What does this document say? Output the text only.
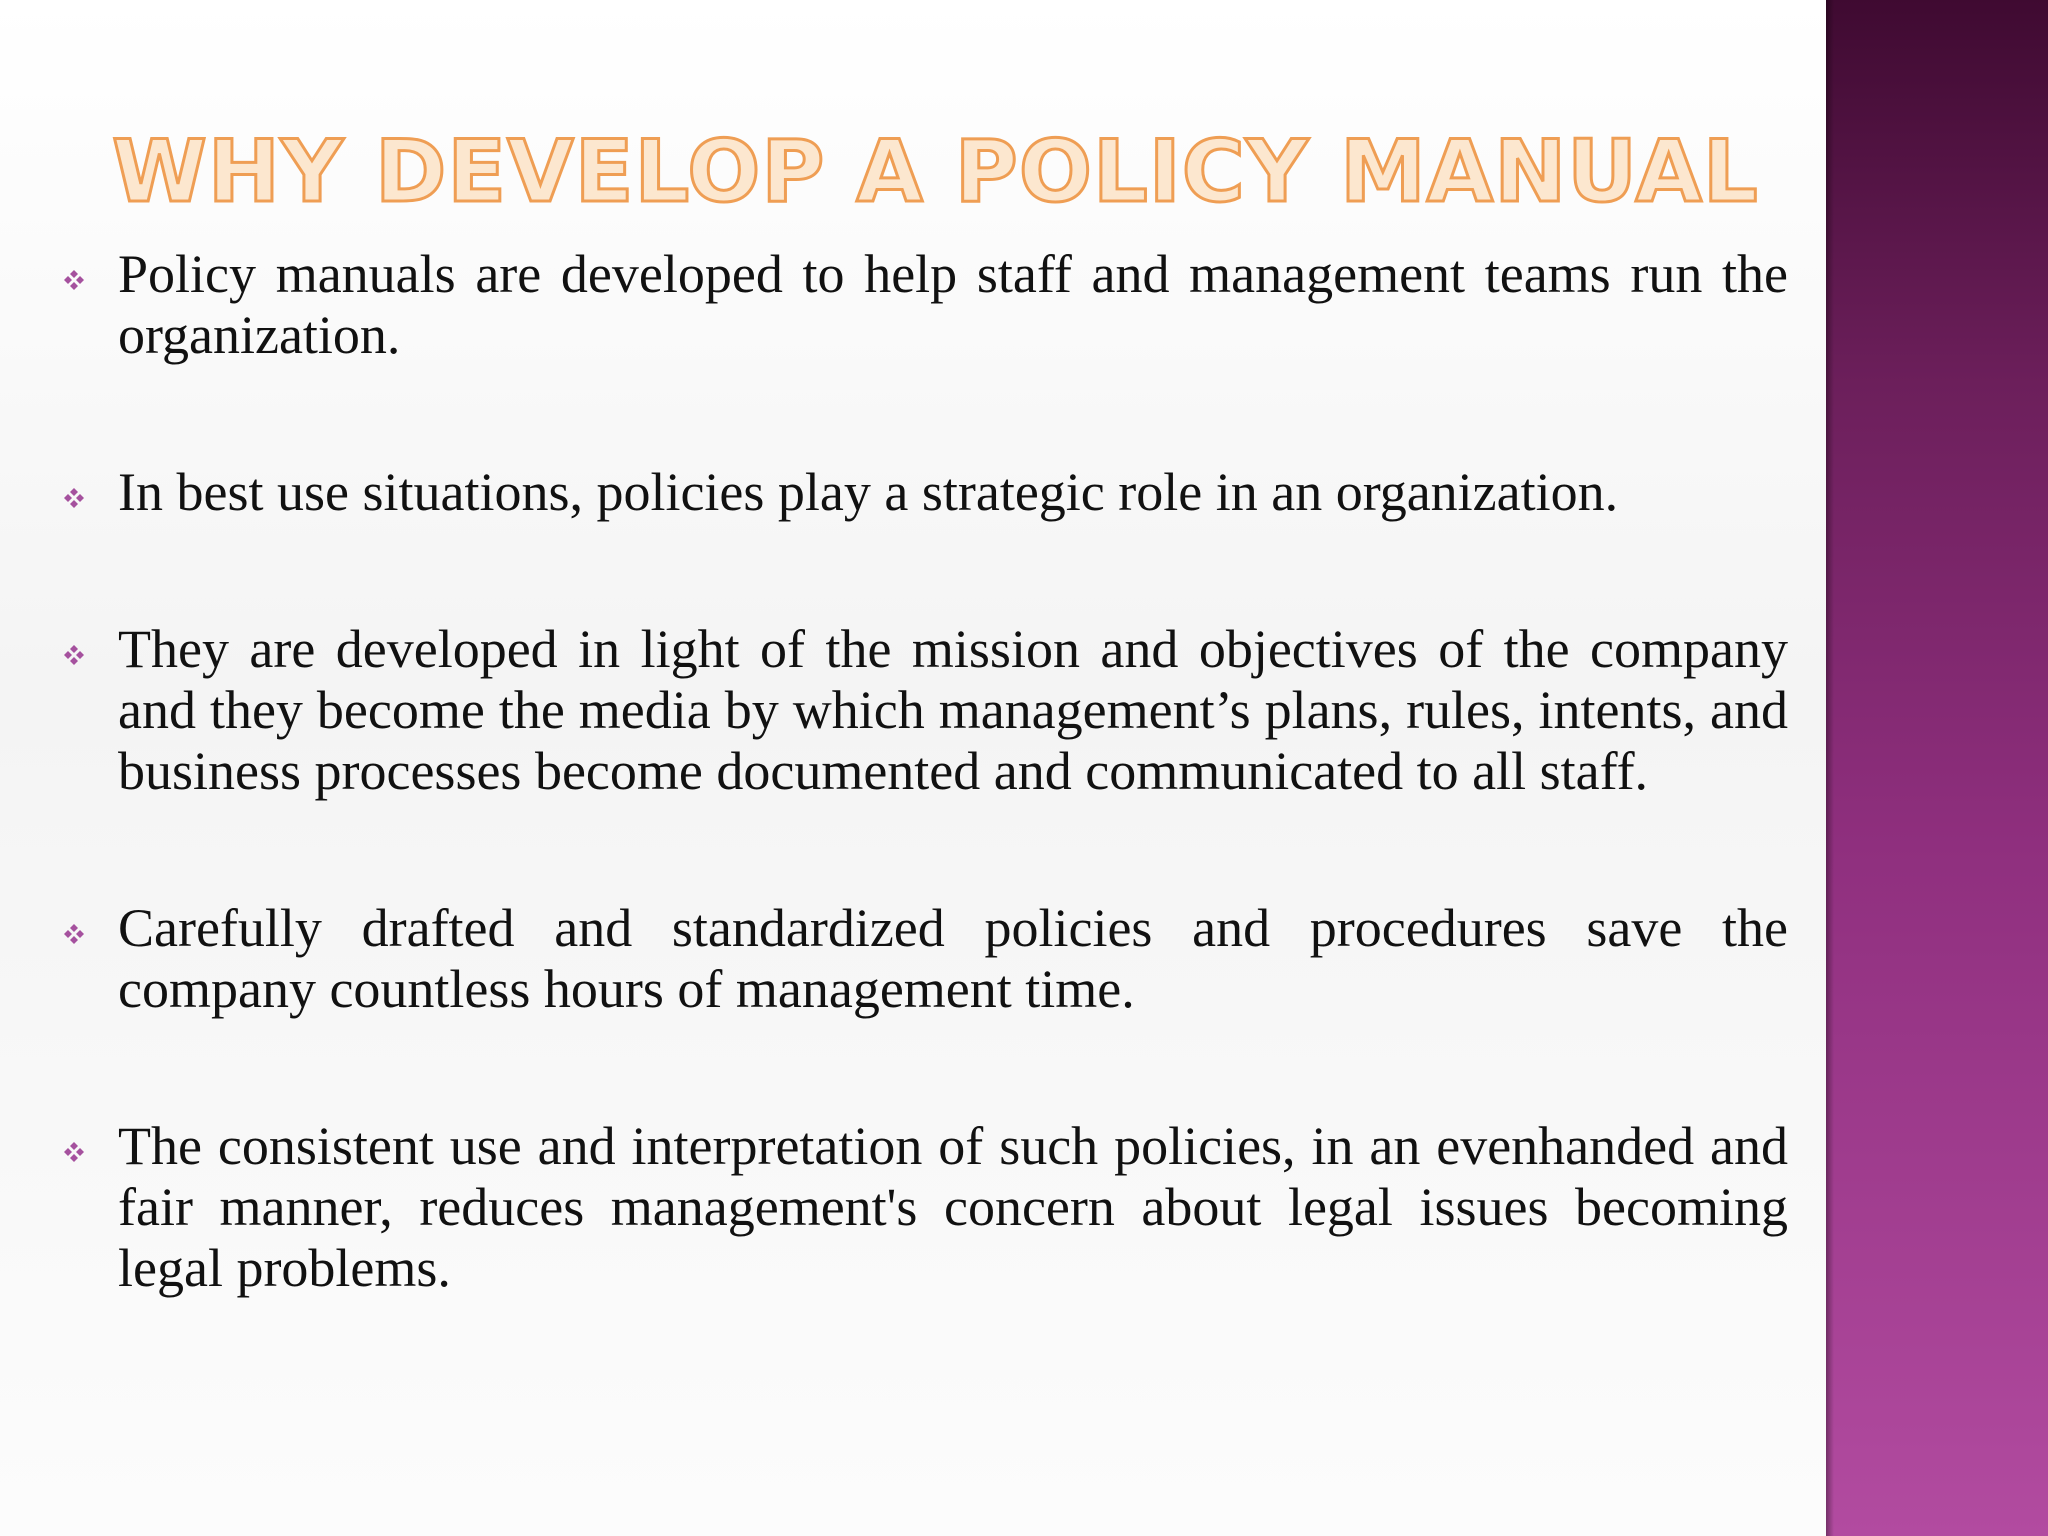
WHY DEVELOP A POLICY MANUAL
Policy manuals are developed to help staff and management teams run the organization.
In best use situations, policies play a strategic role in an organization.
They are developed in light of the mission and objectives of the company and they become the media by which management’s plans, rules, intents, and business processes become documented and communicated to all staff.
Carefully drafted and standardized policies and procedures save the company countless hours of management time.
The consistent use and interpretation of such policies, in an evenhanded and fair manner, reduces management's concern about legal issues becoming legal problems.
